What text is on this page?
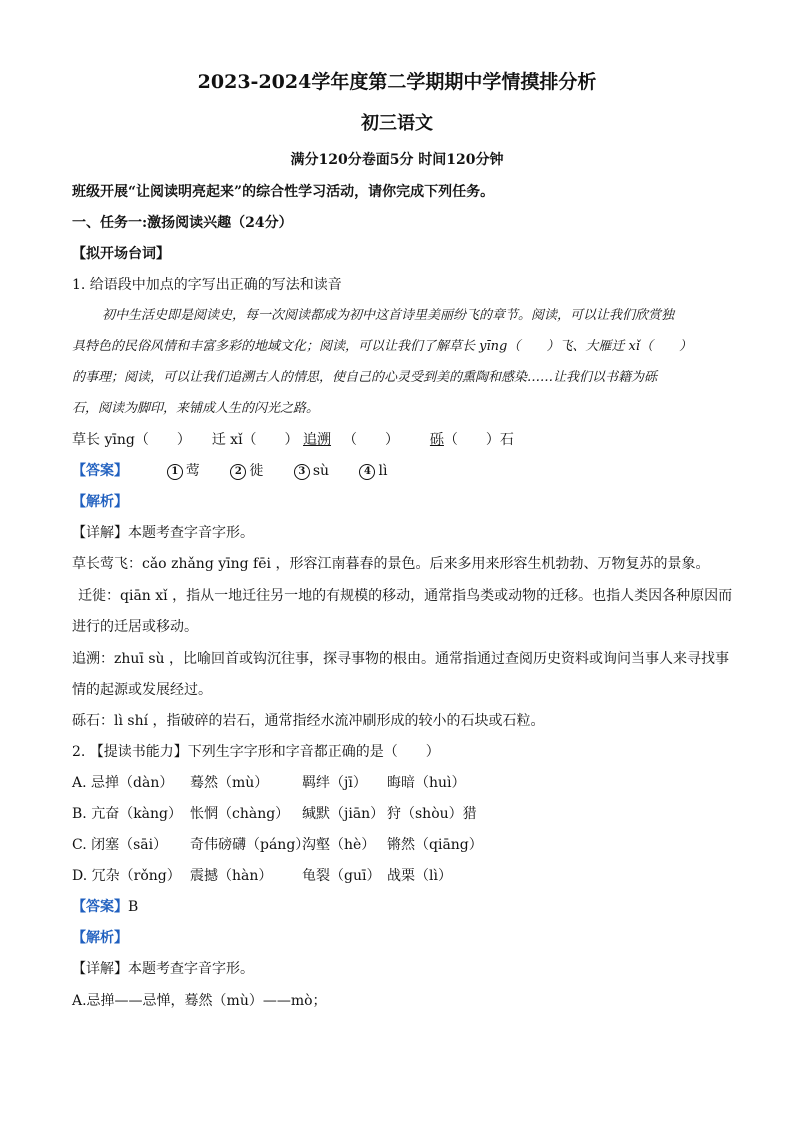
2023-2024学年度第二学期期中学情摸排分析
初三语文
满分120分卷面5分 时间120分钟
班级开展“让阅读明亮起来”的综合性学习活动，请你完成下列任务。
一、任务一:激扬阅读兴趣（24分）
【拟开场台词】
1. 给语段中加点的字写出正确的写法和读音
初中生活史即是阅读史，每一次阅读都成为初中这首诗里美丽纷飞的章节。阅读，可以让我们欣赏独
具特色的民俗风情和丰富多彩的地域文化；阅读，可以让我们了解草长 yīng（　　）飞、大雁迁 xǐ（　　）
的事理；阅读，可以让我们追溯古人的情思，使自己的心灵受到美的熏陶和感染……让我们以书籍为砾
石，阅读为脚印，来铺成人生的闪光之路。
草长 yīng（　　） 迁 xǐ（　　） 追溯 （　　） 砾（　　）石
【答案】	1 莺	2 徙	3 sù	4 lì
【解析】
【详解】本题考查字音字形。
草长莺飞：cǎo zhǎng yīng fēi ，形容江南暮春的景色。后来多用来形容生机勃勃、万物复苏的景象。
迁徙：qiān xǐ ，指从一地迁往另一地的有规模的移动，通常指鸟类或动物的迁移。也指人类因各种原因而
进行的迁居或移动。
追溯：zhuī sù ，比喻回首或钩沉往事，探寻事物的根由。通常指通过查阅历史资料或询问当事人来寻找事
情的起源或发展经过。
砾石：lì shí ，指破碎的岩石，通常指经水流冲刷形成的较小的石块或石粒。
2. 【提读书能力】下列生字字形和字音都正确的是（　　）
A. 忌掸（dàn） 蓦然（mù） 羁绊（jī） 晦暗（huì）
B. 亢奋（kàng） 怅惘（chàng） 缄默（jiān） 狩（shòu）猎
C. 闭塞（sāi） 奇伟磅礴（páng）沟壑（hè） 锵然（qiāng）
D. 冗杂（rǒng） 震撼（hàn） 龟裂（guī） 战栗（lì）
【答案】B
【解析】
【详解】本题考查字音字形。
A.忌掸——忌惮，蓦然（mù）——mò；
